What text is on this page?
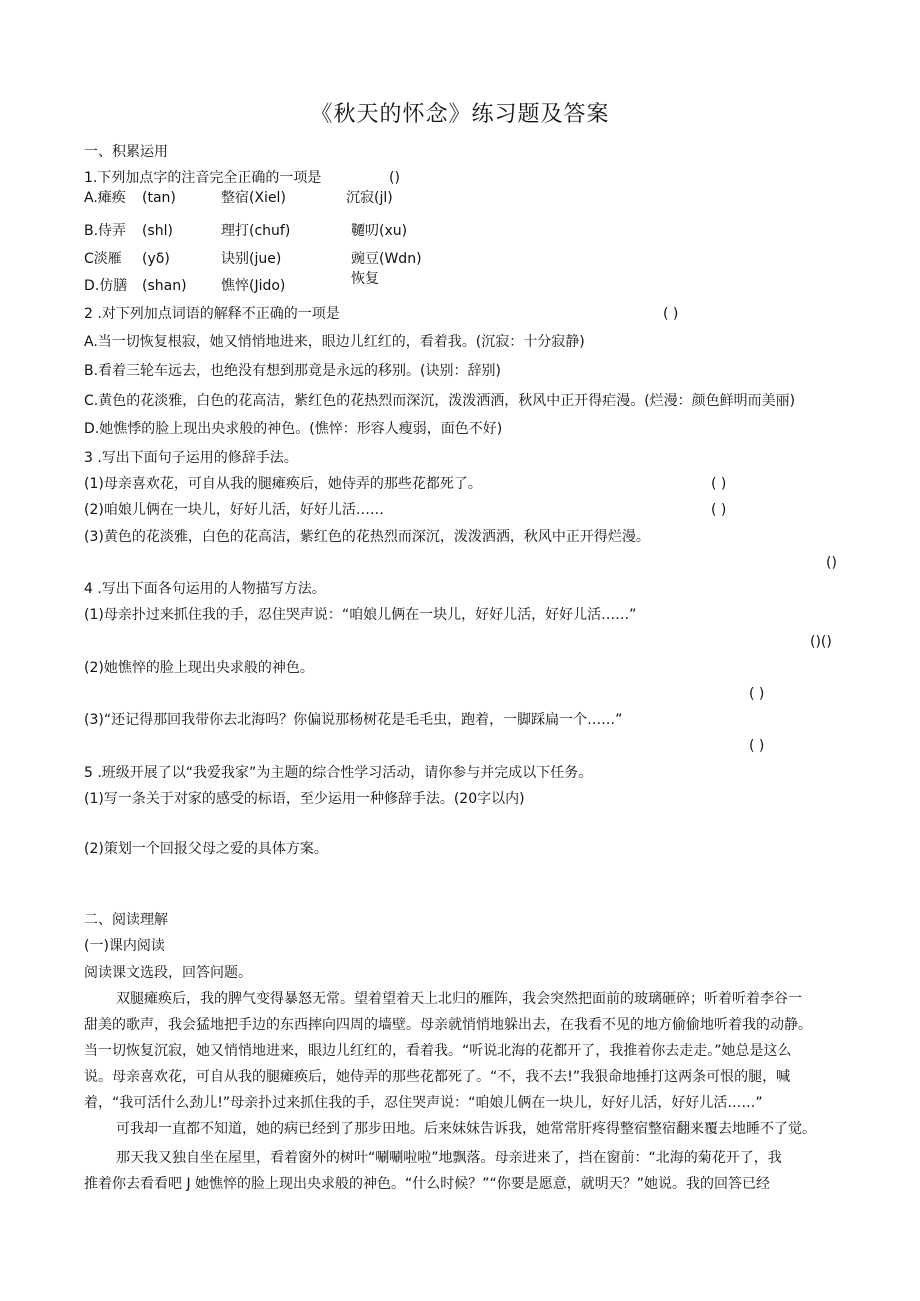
《秋天的怀念》练习题及答案
一、积累运用
1.下列加点字的注音完全正确的一项是	()
A.瘫痪 (tan)	整宿(Xiel)	沉寂(jl)
B.侍弄 (shl)	理打(chuf)	韆叨(xu)
C淡雁 (yδ)	诀别(jue)	豌豆(Wdn)
D.仿膳 (shan) 憔悴(Jido)	恢复
2 .对下列加点词语的解释不正确的一项是	( )
A.当一切恢复根寂，她又悄悄地进来，眼边儿红红的，看着我。(沉寂：十分寂静)
B.看着三轮车远去，也绝没有想到那竟是永远的移别。(诀别：辞别)
C.黄色的花淡雅，白色的花高洁，紫红色的花热烈而深沉，泼泼洒洒，秋风中正开得疟漫。(烂漫：颜色鲜明而美丽)
D.她憔悸的脸上现出央求般的神色。(憔悴：形容人瘦弱，面色不好)
3 .写出下面句子运用的修辞手法。
(1)母亲喜欢花，可自从我的腿瘫痪后，她侍弄的那些花都死了。	( )
(2)咱娘儿俩在一块儿，好好儿活，好好儿活……	( )
(3)黄色的花淡雅，白色的花高洁，紫红色的花热烈而深沉，泼泼洒洒，秋风中正开得烂漫。
()
4 .写出下面各句运用的人物描写方法。
(1)母亲扑过来抓住我的手，忍住哭声说：“咱娘儿俩在一块儿，好好儿活，好好儿活……”
()()
(2)她憔悴的脸上现出央求般的神色。
( )
(3)“还记得那回我带你去北海吗？你偏说那杨树花是毛毛虫，跑着，一脚踩扁一个……”
( )
5 .班级开展了以“我爱我家”为主题的综合性学习活动，请你参与并完成以下任务。
(1)写一条关于对家的感受的标语，至少运用一种修辞手法。(20字以内)
(2)策划一个回报父母之爱的具体方案。
二、阅读理解
(一)课内阅读
阅读课文选段，回答问题。
双腿瘫痪后，我的脾气变得暴怒无常。望着望着天上北归的雁阵，我会突然把面前的玻璃砸碎；听着听着李谷一
甜美的歌声，我会猛地把手边的东西摔向四周的墙壁。母亲就悄悄地躲出去，在我看不见的地方偷偷地听着我的动静。
当一切恢复沉寂，她又悄悄地进来，眼边儿红红的，看着我。“听说北海的花都开了，我推着你去走走。”她总是这么
说。母亲喜欢花，可自从我的腿瘫痪后，她侍弄的那些花都死了。“不，我不去!”我狠命地捶打这两条可恨的腿，喊
着，“我可活什么劲儿!”母亲扑过来抓住我的手，忍住哭声说：“咱娘儿俩在一块儿，好好儿活，好好儿活……”
可我却一直都不知道，她的病已经到了那步田地。后来妹妹告诉我，她常常肝疼得整宿整宿翻来覆去地睡不了觉。
那天我又独自坐在屋里，看着窗外的树叶“唰唰啦啦”地飘落。母亲进来了，挡在窗前：“北海的菊花开了，我
推着你去看看吧 J 她憔悴的脸上现出央求般的神色。“什么时候？”“你要是愿意，就明天？”她说。我的回答已经
